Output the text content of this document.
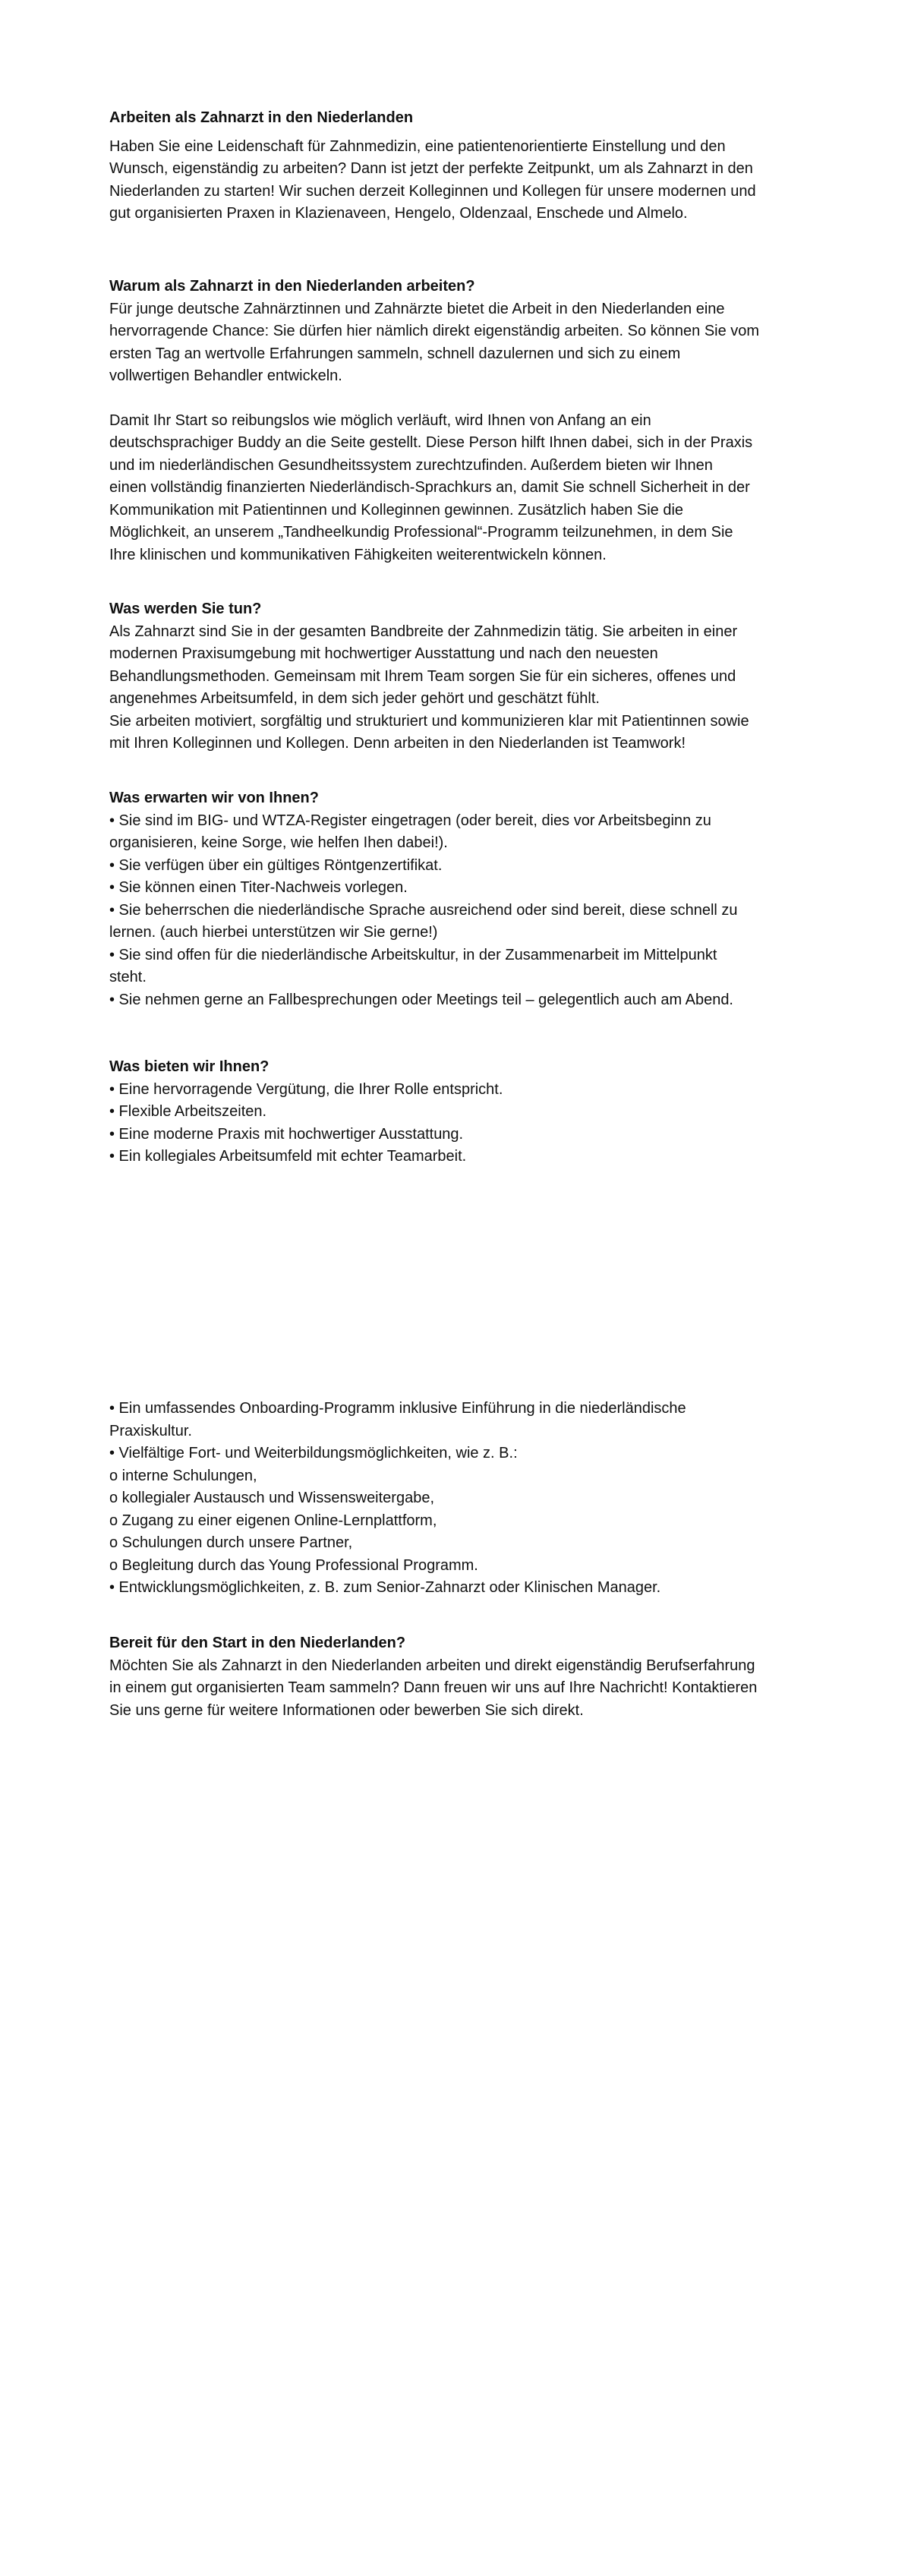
Arbeiten als Zahnarzt in den Niederlanden
Haben Sie eine Leidenschaft für Zahnmedizin, eine patientenorientierte Einstellung und den
Wunsch, eigenständig zu arbeiten? Dann ist jetzt der perfekte Zeitpunkt, um als Zahnarzt in den
Niederlanden zu starten! Wir suchen derzeit Kolleginnen und Kollegen für unsere modernen und
gut organisierten Praxen in Klazienaveen, Hengelo, Oldenzaal, Enschede und Almelo.
Warum als Zahnarzt in den Niederlanden arbeiten?
Für junge deutsche Zahnärztinnen und Zahnärzte bietet die Arbeit in den Niederlanden eine
hervorragende Chance: Sie dürfen hier nämlich direkt eigenständig arbeiten. So können Sie vom
ersten Tag an wertvolle Erfahrungen sammeln, schnell dazulernen und sich zu einem
vollwertigen Behandler entwickeln.
Damit Ihr Start so reibungslos wie möglich verläuft, wird Ihnen von Anfang an ein
deutschsprachiger Buddy an die Seite gestellt. Diese Person hilft Ihnen dabei, sich in der Praxis
und im niederländischen Gesundheitssystem zurechtzufinden. Außerdem bieten wir Ihnen
einen vollständig finanzierten Niederländisch-Sprachkurs an, damit Sie schnell Sicherheit in der
Kommunikation mit Patientinnen und Kolleginnen gewinnen. Zusätzlich haben Sie die
Möglichkeit, an unserem „Tandheelkundig Professional“-Programm teilzunehmen, in dem Sie
Ihre klinischen und kommunikativen Fähigkeiten weiterentwickeln können.
Was werden Sie tun?
Als Zahnarzt sind Sie in der gesamten Bandbreite der Zahnmedizin tätig. Sie arbeiten in einer
modernen Praxisumgebung mit hochwertiger Ausstattung und nach den neuesten
Behandlungsmethoden. Gemeinsam mit Ihrem Team sorgen Sie für ein sicheres, offenes und
angenehmes Arbeitsumfeld, in dem sich jeder gehört und geschätzt fühlt.
Sie arbeiten motiviert, sorgfältig und strukturiert und kommunizieren klar mit Patientinnen sowie
mit Ihren Kolleginnen und Kollegen. Denn arbeiten in den Niederlanden ist Teamwork!
Was erwarten wir von Ihnen?
• Sie sind im BIG- und WTZA-Register eingetragen (oder bereit, dies vor Arbeitsbeginn zu
organisieren, keine Sorge, wie helfen Ihen dabei!).
• Sie verfügen über ein gültiges Röntgenzertifikat.
• Sie können einen Titer-Nachweis vorlegen.
• Sie beherrschen die niederländische Sprache ausreichend oder sind bereit, diese schnell zu
lernen. (auch hierbei unterstützen wir Sie gerne!)
• Sie sind offen für die niederländische Arbeitskultur, in der Zusammenarbeit im Mittelpunkt
steht.
• Sie nehmen gerne an Fallbesprechungen oder Meetings teil – gelegentlich auch am Abend.
Was bieten wir Ihnen?
• Eine hervorragende Vergütung, die Ihrer Rolle entspricht.
• Flexible Arbeitszeiten.
• Eine moderne Praxis mit hochwertiger Ausstattung.
• Ein kollegiales Arbeitsumfeld mit echter Teamarbeit.
• Ein umfassendes Onboarding-Programm inklusive Einführung in die niederländische
Praxiskultur.
• Vielfältige Fort- und Weiterbildungsmöglichkeiten, wie z. B.:
o interne Schulungen,
o kollegialer Austausch und Wissensweitergabe,
o Zugang zu einer eigenen Online-Lernplattform,
o Schulungen durch unsere Partner,
o Begleitung durch das Young Professional Programm.
• Entwicklungsmöglichkeiten, z. B. zum Senior-Zahnarzt oder Klinischen Manager.
Bereit für den Start in den Niederlanden?
Möchten Sie als Zahnarzt in den Niederlanden arbeiten und direkt eigenständig Berufserfahrung
in einem gut organisierten Team sammeln? Dann freuen wir uns auf Ihre Nachricht! Kontaktieren
Sie uns gerne für weitere Informationen oder bewerben Sie sich direkt.
